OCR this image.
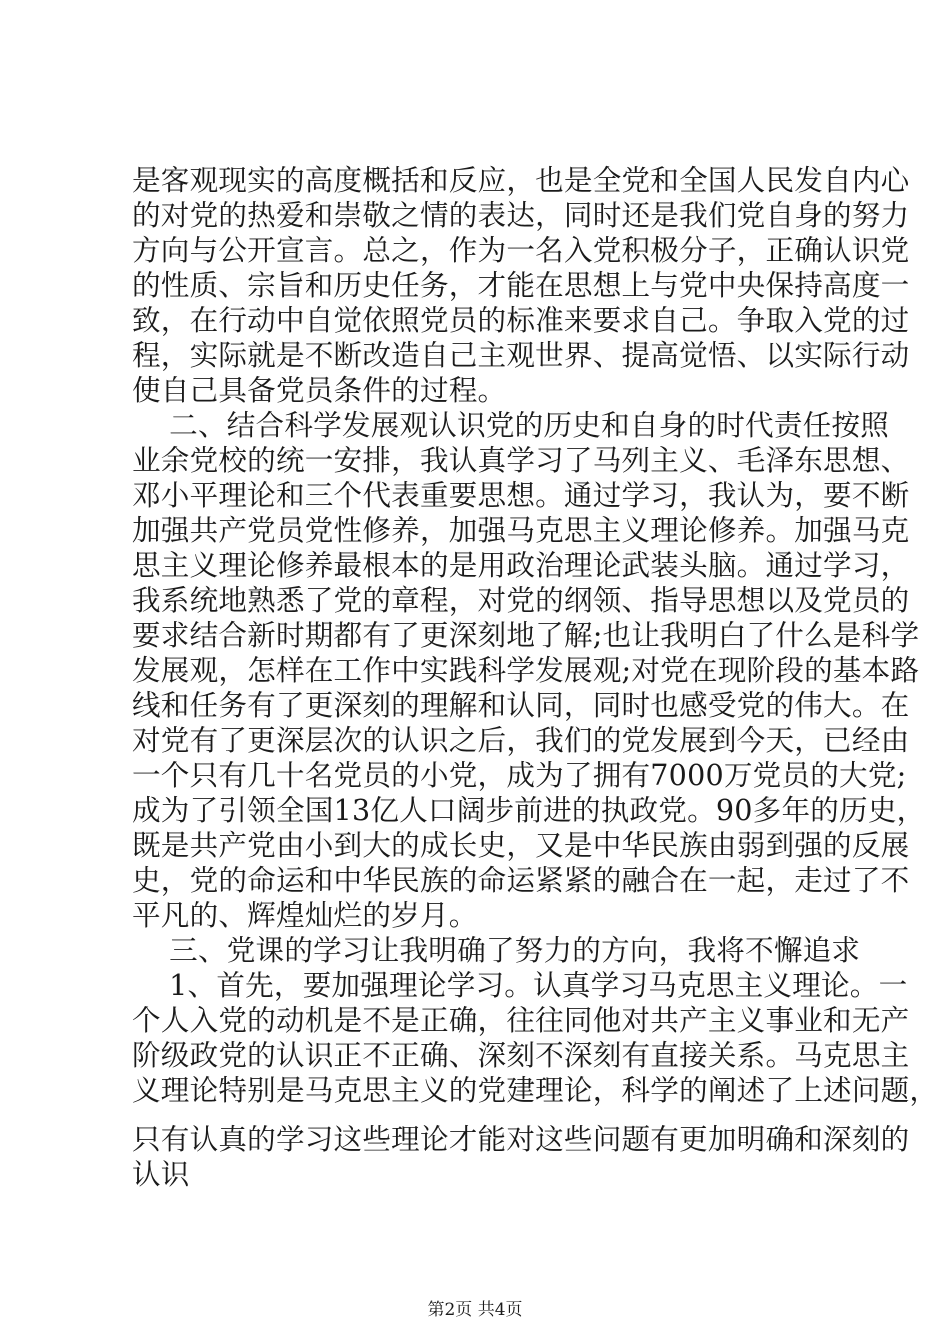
是客观现实的高度概括和反应，也是全党和全国人民发自内心
的对党的热爱和崇敬之情的表达，同时还是我们党自身的努力
方向与公开宣言。总之，作为一名入党积极分子，正确认识党
的性质、宗旨和历史任务，才能在思想上与党中央保持高度一
致，在行动中自觉依照党员的标准来要求自己。争取入党的过
程，实际就是不断改造自己主观世界、提高觉悟、以实际行动
使自己具备党员条件的过程。
二、结合科学发展观认识党的历史和自身的时代责任按照
业余党校的统一安排，我认真学习了马列主义、毛泽东思想、
邓小平理论和三个代表重要思想。通过学习，我认为，要不断
加强共产党员党性修养，加强马克思主义理论修养。加强马克
思主义理论修养最根本的是用政治理论武装头脑。通过学习，
我系统地熟悉了党的章程，对党的纲领、指导思想以及党员的
要求结合新时期都有了更深刻地了解;也让我明白了什么是科学
发展观，怎样在工作中实践科学发展观;对党在现阶段的基本路
线和任务有了更深刻的理解和认同，同时也感受党的伟大。在
对党有了更深层次的认识之后，我们的党发展到今天，已经由
一个只有几十名党员的小党，成为了拥有7000万党员的大党;
成为了引领全国13亿人口阔步前进的执政党。90多年的历史，
既是共产党由小到大的成长史，又是中华民族由弱到强的反展
史，党的命运和中华民族的命运紧紧的融合在一起，走过了不
平凡的、辉煌灿烂的岁月。
三、党课的学习让我明确了努力的方向，我将不懈追求
1、首先，要加强理论学习。认真学习马克思主义理论。一
个人入党的动机是不是正确，往往同他对共产主义事业和无产
阶级政党的认识正不正确、深刻不深刻有直接关系。马克思主
义理论特别是马克思主义的党建理论，科学的阐述了上述问题，
只有认真的学习这些理论才能对这些问题有更加明确和深刻的
认识
第2页 共4页
